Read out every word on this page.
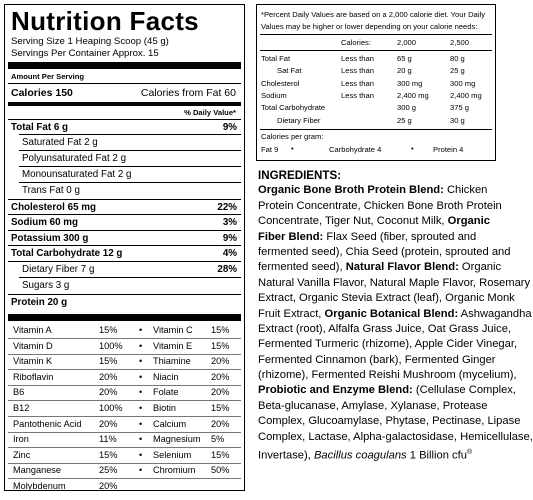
Nutrition Facts
Serving Size 1 Heaping Scoop (45 g)
Servings Per Container Approx. 15
Amount Per Serving
Calories 150	Calories from Fat 60
% Daily Value*
Total Fat 6 g	9%
Saturated Fat 2 g
Polyunsaturated Fat 2 g
Monounsaturated Fat 2 g
Trans Fat 0 g
Cholesterol 65 mg	22%
Sodium 60 mg	3%
Potassium 300 g	9%
Total Carbohydrate 12 g	4%
Dietary Fiber 7 g	28%
Sugars 3 g
Protein 20 g
Vitamin A	15% • Vitamin C 15%
Vitamin D	100% • Vitamin E 15%
Vitamin K	15% • Thiamine 20%
Riboflavin	20% • Niacin	20%
B6	20% • Folate	20%
B12	100% • Biotin	15%
Pantothenic Acid 20% • Calcium	20%
Iron	11% • Magnesium 5%
Zinc	15% • Selenium 15%
Manganese	25% • Chromium 50%
Molybdenum	20%
*Percent Daily Values are based on a 2,000 calorie diet. Your Daily
Values may be higher or lower depending on your calorie needs:
Calories:	2,000	2,500
Total Fat	Less than	65 g	80 g
Sat Fat	Less than	20 g	25 g
Cholesterol	Less than	300 mg	300 mg
Sodium	Less than	2,400 mg	2,400 mg
Total Carbohydrate	300 g	375 g
Dietary Fiber	25 g	30 g
Calories per gram:
Fat 9 •	Carbohydrate 4	•	Protein 4
INGREDIENTS:
Organic Bone Broth Protein Blend: Chicken
Protein Concentrate, Chicken Bone Broth Protein
Concentrate, Tiger Nut, Coconut Milk, Organic
Fiber Blend: Flax Seed (fiber, sprouted and
fermented seed), Chia Seed (protein, sprouted and
fermented seed), Natural Flavor Blend: Organic
Natural Vanilla Flavor, Natural Maple Flavor, Rosemary
Extract, Organic Stevia Extract (leaf), Organic Monk
Fruit Extract, Organic Botanical Blend: Ashwagandha
Extract (root), Alfalfa Grass Juice, Oat Grass Juice,
Fermented Turmeric (rhizome), Apple Cider Vinegar,
Fermented Cinnamon (bark), Fermented Ginger
(rhizome), Fermented Reishi Mushroom (mycelium),
Probiotic and Enzyme Blend: (Cellulase Complex,
Beta-glucanase, Amylase, Xylanase, Protease
Complex, Glucoamylase, Phytase, Pectinase, Lipase
Complex, Lactase, Alpha-galactosidase, Hemicellulase,
Invertase), Bacillus coagulans 1 Billion cfu®
